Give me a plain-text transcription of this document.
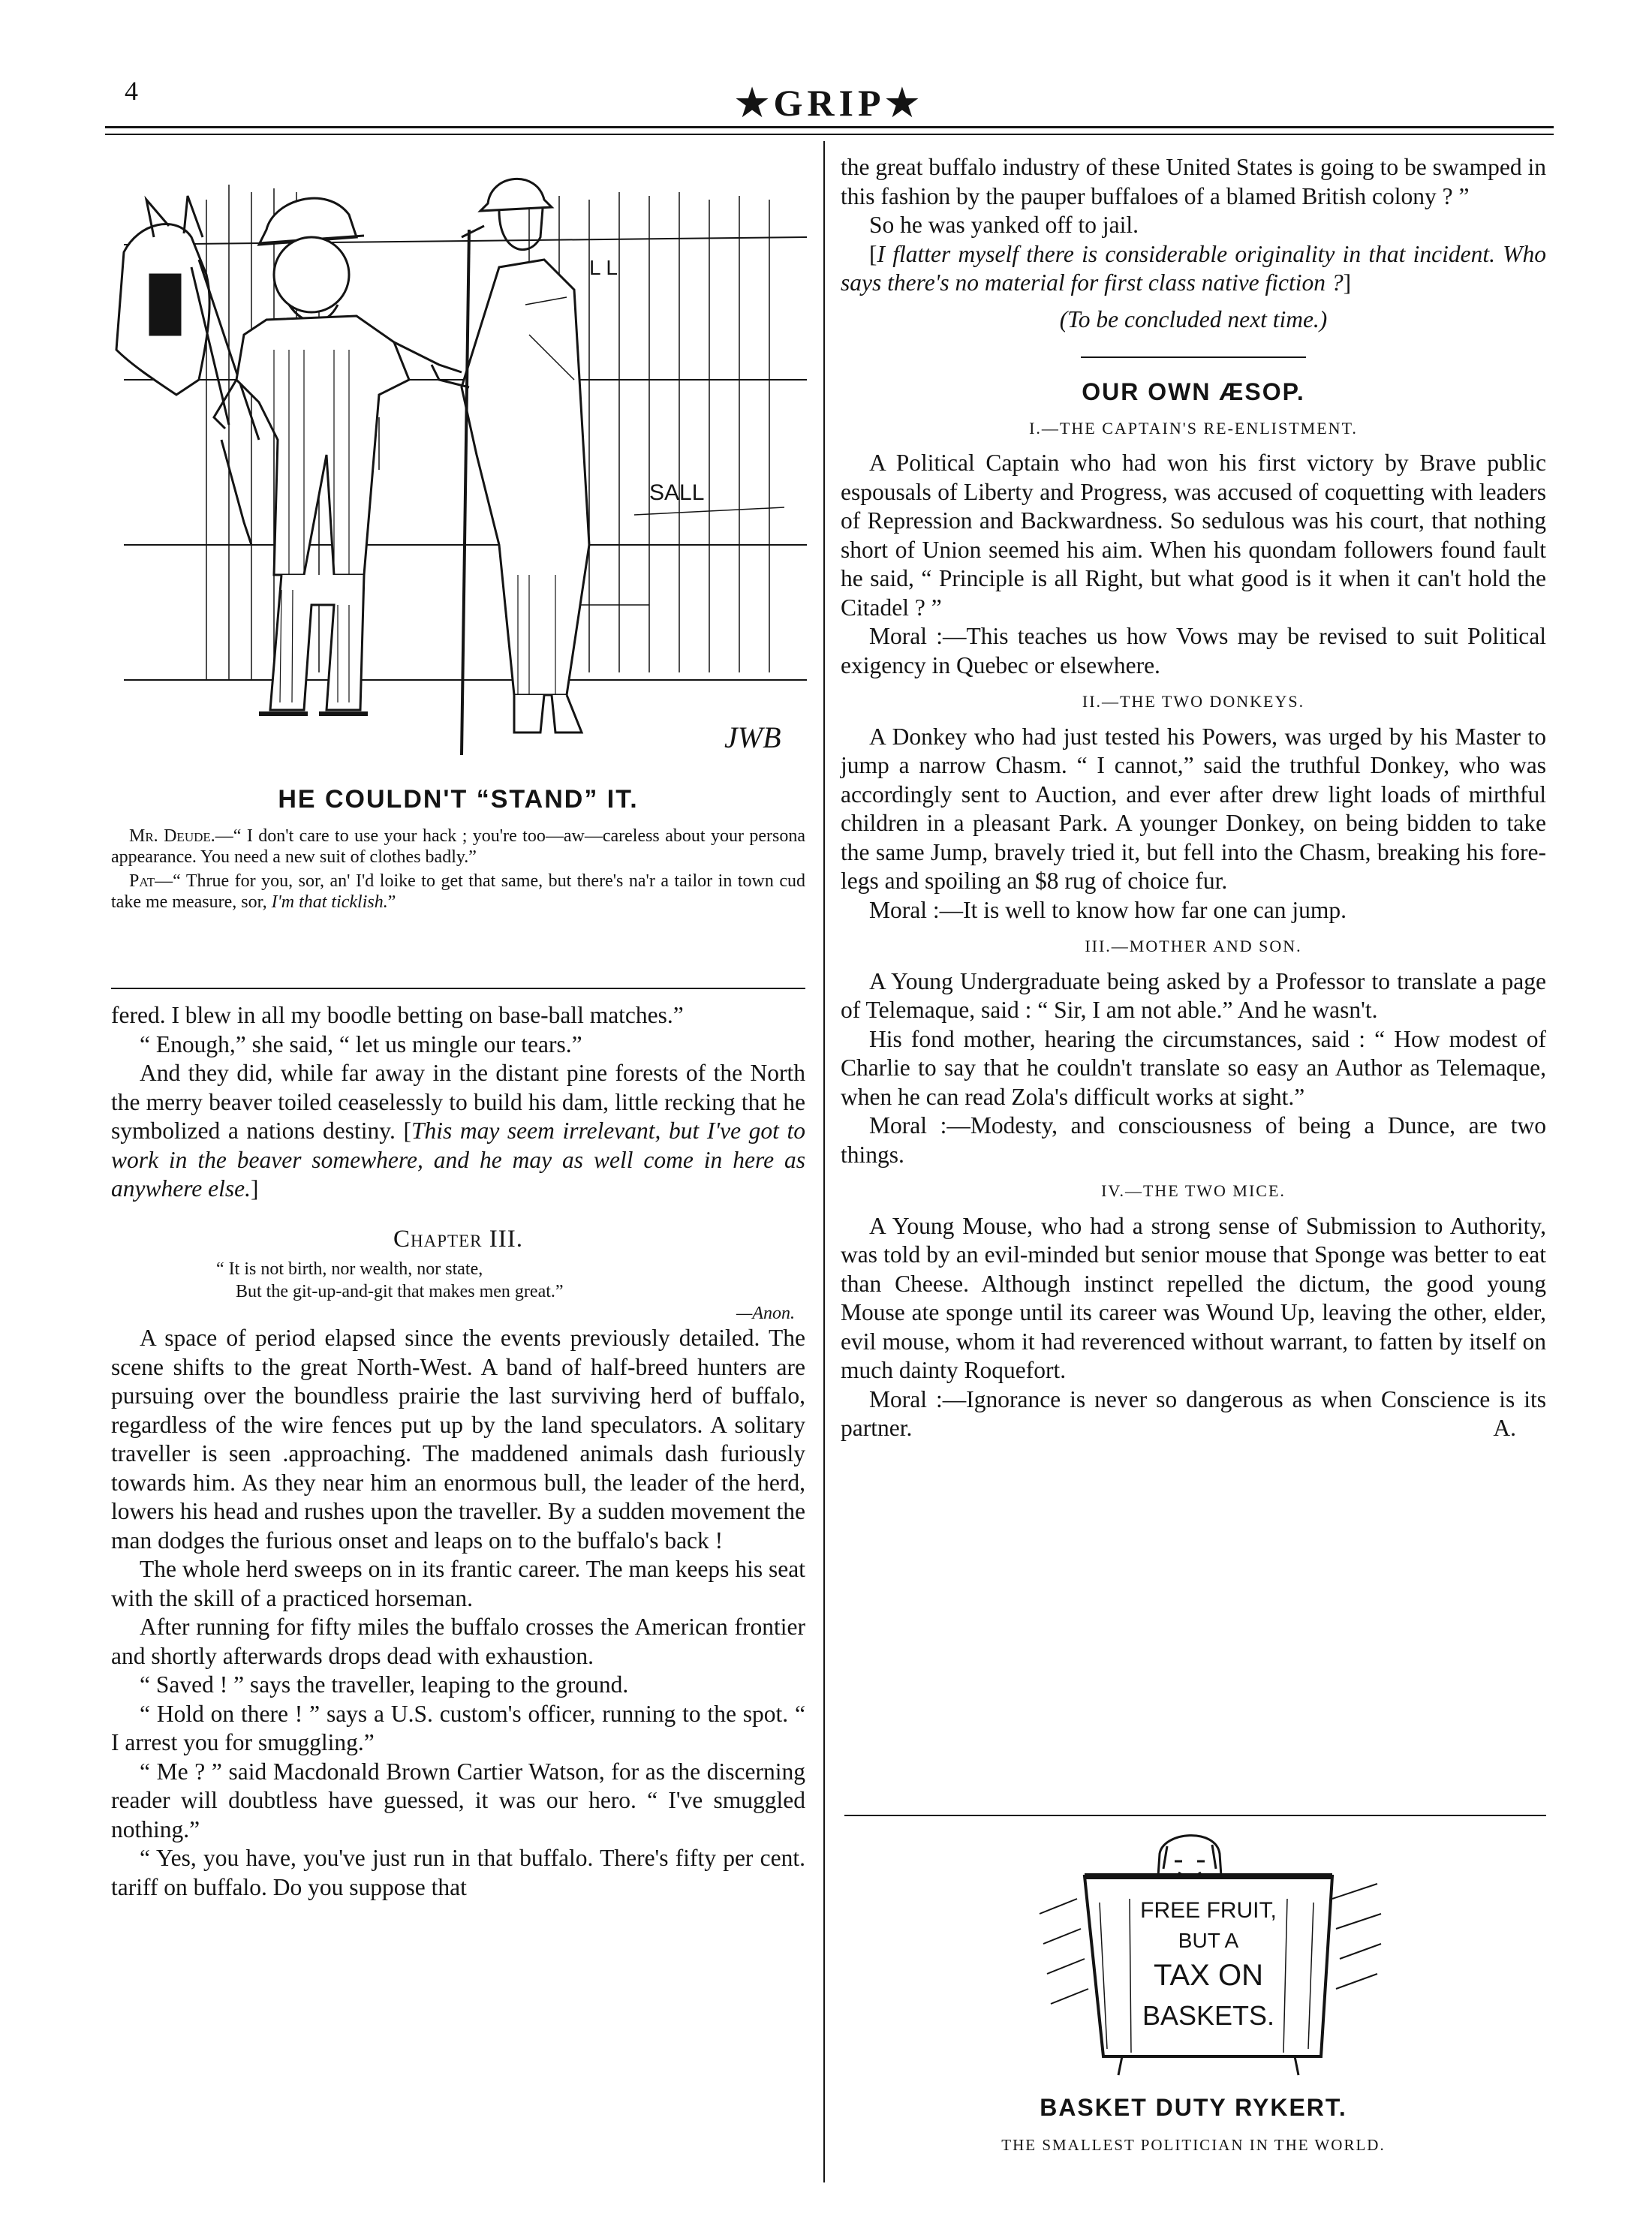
4	★GRIP★
L L
SALL
JWB
HE COULDN'T “STAND” IT.

Mr. Deude.—“ I don't care to use your hack ; you're too—aw—careless about your persona appearance. You need a new suit of clothes badly.”

Pat—“ Thrue for you, sor, an' I'd loike to get that same, but there's na'r a tailor in town cud take me measure, sor, I'm that ticklish.”

fered. I blew in all my boodle betting on base-ball matches.”

“ Enough,” she said, “ let us mingle our tears.”

And they did, while far away in the distant pine forests of the North the merry beaver toiled ceaselessly to build his dam, little recking that he symbolized a nations destiny. [This may seem irrelevant, but I've got to work in the beaver somewhere, and he may as well come in here as anywhere else.]

Chapter III.
“ It is not birth, nor wealth, nor state,
But the git-up-and-git that makes men great.”
—Anon.

A space of period elapsed since the events previously detailed. The scene shifts to the great North-West. A band of half-breed hunters are pursuing over the boundless prairie the last surviving herd of buffalo, regardless of the wire fences put up by the land speculators. A solitary traveller is seen .approaching. The maddened animals dash furiously towards him. As they near him an enormous bull, the leader of the herd, lowers his head and rushes upon the traveller. By a sudden movement the man dodges the furious onset and leaps on to the buffalo's back !

The whole herd sweeps on in its frantic career. The man keeps his seat with the skill of a practiced horseman.

After running for fifty miles the buffalo crosses the American frontier and shortly afterwards drops dead with exhaustion.

“ Saved ! ” says the traveller, leaping to the ground.

“ Hold on there ! ” says a U.S. custom's officer, running to the spot. “ I arrest you for smuggling.”

“ Me ? ” said Macdonald Brown Cartier Watson, for as the discerning reader will doubtless have guessed, it was our hero. “ I've smuggled nothing.”

“ Yes, you have, you've just run in that buffalo. There's fifty per cent. tariff on buffalo. Do you suppose that

the great buffalo industry of these United States is going to be swamped in this fashion by the pauper buffaloes of a blamed British colony ? ”

So he was yanked off to jail.

[I flatter myself there is considerable originality in that incident. Who says there's no material for first class native fiction ?]

(To be concluded next time.)
OUR OWN ÆSOP.
I.—THE CAPTAIN'S RE-ENLISTMENT.

A Political Captain who had won his first victory by Brave public espousals of Liberty and Progress, was accused of coquetting with leaders of Repression and Backwardness. So sedulous was his court, that nothing short of Union seemed his aim. When his quondam followers found fault he said, “ Principle is all Right, but what good is it when it can't hold the Citadel ? ”

Moral :—This teaches us how Vows may be revised to suit Political exigency in Quebec or elsewhere.

II.—THE TWO DONKEYS.

A Donkey who had just tested his Powers, was urged by his Master to jump a narrow Chasm. “ I cannot,” said the truthful Donkey, who was accordingly sent to Auction, and ever after drew light loads of mirthful children in a pleasant Park. A younger Donkey, on being bidden to take the same Jump, bravely tried it, but fell into the Chasm, breaking his fore-legs and spoiling an $8 rug of choice fur.

Moral :—It is well to know how far one can jump.

III.—MOTHER AND SON.

A Young Undergraduate being asked by a Professor to translate a page of Telemaque, said : “ Sir, I am not able.” And he wasn't.

His fond mother, hearing the circumstances, said : “ How modest of Charlie to say that he couldn't translate so easy an Author as Telemaque, when he can read Zola's difficult works at sight.”

Moral :—Modesty, and consciousness of being a Dunce, are two things.

IV.—THE TWO MICE.

A Young Mouse, who had a strong sense of Submission to Authority, was told by an evil-minded but senior mouse that Sponge was better to eat than Cheese. Although instinct repelled the dictum, the good young Mouse ate sponge until its career was Wound Up, leaving the other, elder, evil mouse, whom it had reverenced without warrant, to fatten by itself on much dainty Roquefort.

Moral :—Ignorance is never so dangerous as when Conscience is its partner.	A.

FREE FRUIT,
BUT A
TAX ON
BASKETS.
BASKET DUTY RYKERT.
THE SMALLEST POLITICIAN IN THE WORLD.
